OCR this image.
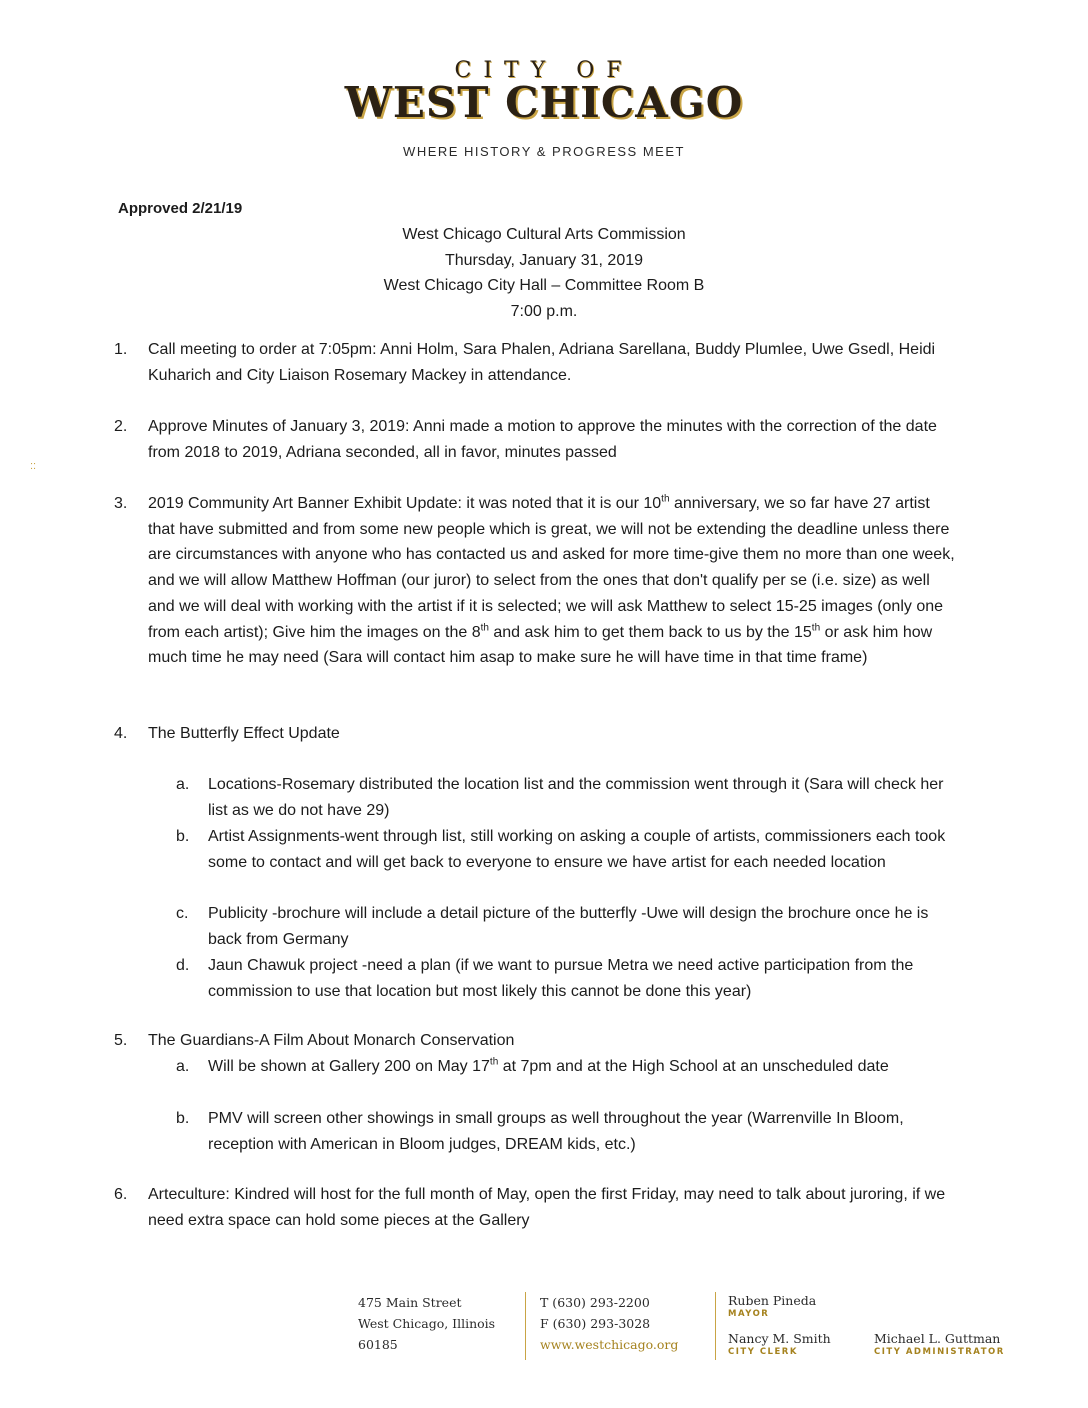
CITY OF
WEST CHICAGO
WHERE HISTORY & PROGRESS MEET
Approved 2/21/19
West Chicago Cultural Arts Commission
Thursday, January 31, 2019
West Chicago City Hall – Committee Room B
7:00 p.m.
::
1. Call meeting to order at 7:05pm: Anni Holm, Sara Phalen, Adriana Sarellana, Buddy Plumlee, Uwe Gsedl, Heidi Kuharich and City Liaison Rosemary Mackey in attendance.
2. Approve Minutes of January 3, 2019: Anni made a motion to approve the minutes with the correction of the date from 2018 to 2019, Adriana seconded, all in favor, minutes passed
3. 2019 Community Art Banner Exhibit Update: it was noted that it is our 10th anniversary, we so far have 27 artist that have submitted and from some new people which is great, we will not be extending the deadline unless there are circumstances with anyone who has contacted us and asked for more time-give them no more than one week, and we will allow Matthew Hoffman (our juror) to select from the ones that don't qualify per se (i.e. size) as well and we will deal with working with the artist if it is selected; we will ask Matthew to select 15-25 images (only one from each artist); Give him the images on the 8th and ask him to get them back to us by the 15th or ask him how much time he may need (Sara will contact him asap to make sure he will have time in that time frame)
4. The Butterfly Effect Update
a. Locations-Rosemary distributed the location list and the commission went through it (Sara will check her list as we do not have 29)
b. Artist Assignments-went through list, still working on asking a couple of artists, commissioners each took some to contact and will get back to everyone to ensure we have artist for each needed location
c. Publicity -brochure will include a detail picture of the butterfly -Uwe will design the brochure once he is back from Germany
d. Jaun Chawuk project -need a plan (if we want to pursue Metra we need active participation from the commission to use that location but most likely this cannot be done this year)
5. The Guardians-A Film About Monarch Conservation
a. Will be shown at Gallery 200 on May 17th at 7pm and at the High School at an unscheduled date
b. PMV will screen other showings in small groups as well throughout the year (Warrenville In Bloom, reception with American in Bloom judges, DREAM kids, etc.)
6. Arteculture: Kindred will host for the full month of May, open the first Friday, may need to talk about juroring, if we need extra space can hold some pieces at the Gallery
475 Main Street
West Chicago, Illinois
60185
T (630) 293-2200
F (630) 293-3028
www.westchicago.org
Ruben Pineda
MAYOR
Nancy M. Smith
CITY CLERK
Michael L. Guttman
CITY ADMINISTRATOR
